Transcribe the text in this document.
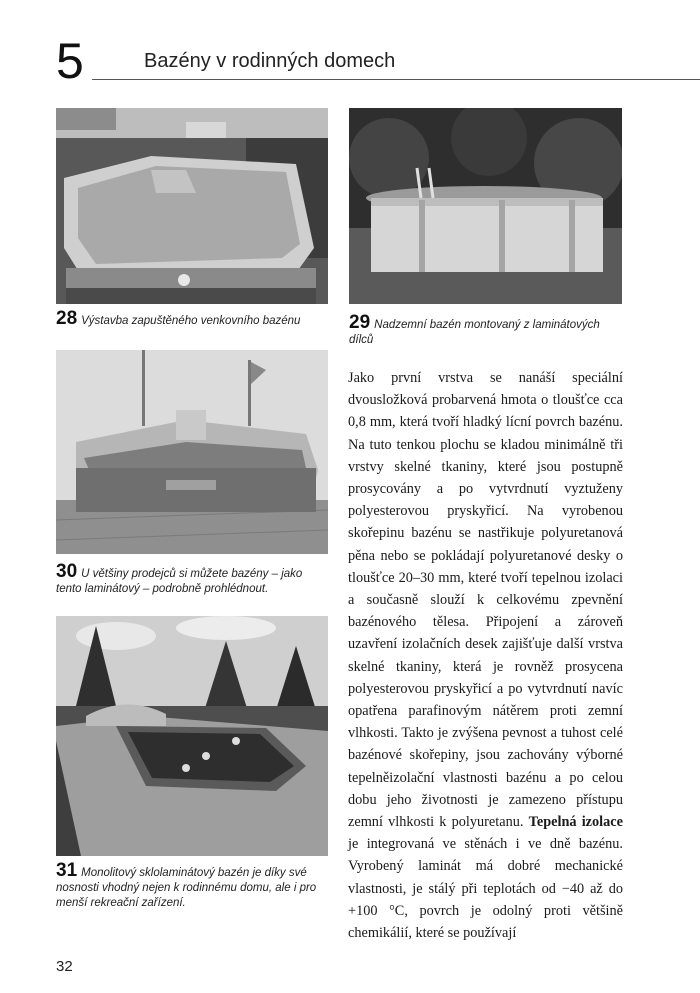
5	Bazény v rodinných domech
28 Výstavba zapuštěného venkovního bazénu	29 Nadzemní bazén montovaný z laminátových dílců
30 U většiny prodejců si můžete bazény – jako tento laminátový – podrobně prohlédnout.
31 Monolitový sklolaminátový bazén je díky své nosnosti vhodný nejen k rodinnému domu, ale i pro menší rekreační zařízení.
Jako první vrstva se nanáší speciální dvousložková probarvená hmota o tloušťce cca 0,8 mm, která tvoří hladký lícní povrch bazénu. Na tuto tenkou plochu se kladou minimálně tři vrstvy skelné tkaniny, které jsou postupně prosycovány a po vytvrdnutí vyztuženy polyesterovou pryskyřicí. Na vyrobenou skořepinu bazénu se nastřikuje polyuretanová pěna nebo se pokládají polyuretanové desky o tloušťce 20–30 mm, které tvoří tepelnou izolaci a současně slouží k celkovému zpevnění bazénového tělesa. Připojení a zároveň uzavření izolačních desek zajišťuje další vrstva skelné tkaniny, která je rovněž prosycena polyesterovou pryskyřicí a po vytvrdnutí navíc opatřena parafinovým nátěrem proti zemní vlhkosti. Takto je zvýšena pevnost a tuhost celé bazénové skořepiny, jsou zachovány výborné tepelněizolační vlastnosti bazénu a po celou dobu jeho životnosti je zamezeno přístupu zemní vlhkosti k polyuretanu. Tepelná izolace je integrovaná ve stěnách i ve dně bazénu. Vyrobený laminát má dobré mechanické vlastnosti, je stálý při teplotách od −40 až do +100 °C, povrch je odolný proti většině chemikálií, které se používají
32
